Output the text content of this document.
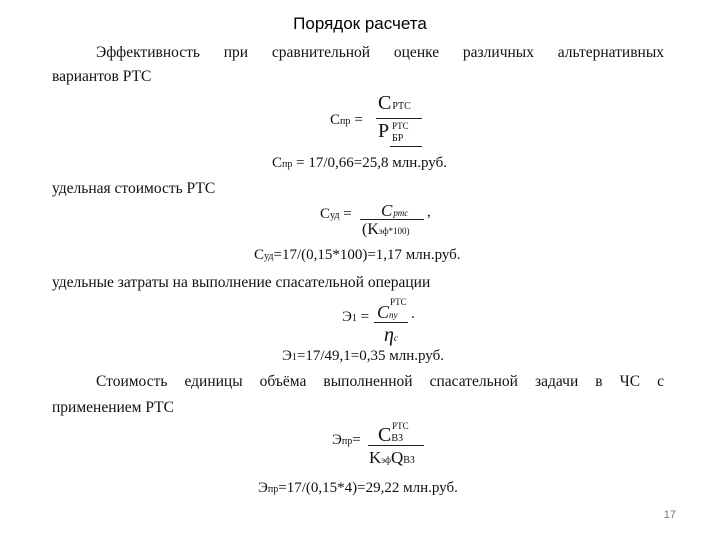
Порядок расчета
Эффективность при сравнительной оценке различных альтернативных
вариантов РТС
Cпр =
CРТС
P РТС
БР
Cпр = 17/0,66=25,8 млн.руб.
удельная стоимость РТС
Cуд = Cртс ,
(Kэф*100)
Cуд=17/(0,15*100)=1,17 млн.руб.
удельные затраты на выполнение спасательной операции
Э1 =
РТС
Cпу .
ηс
Э1=17/49,1=0,35 млн.руб.
Стоимость единицы объёма выполненной спасательной задачи в ЧС с
применением РТС
Эпр=
РТС
CВЗ
KэфQВЗ
Эпр=17/(0,15*4)=29,22 млн.руб.
17
